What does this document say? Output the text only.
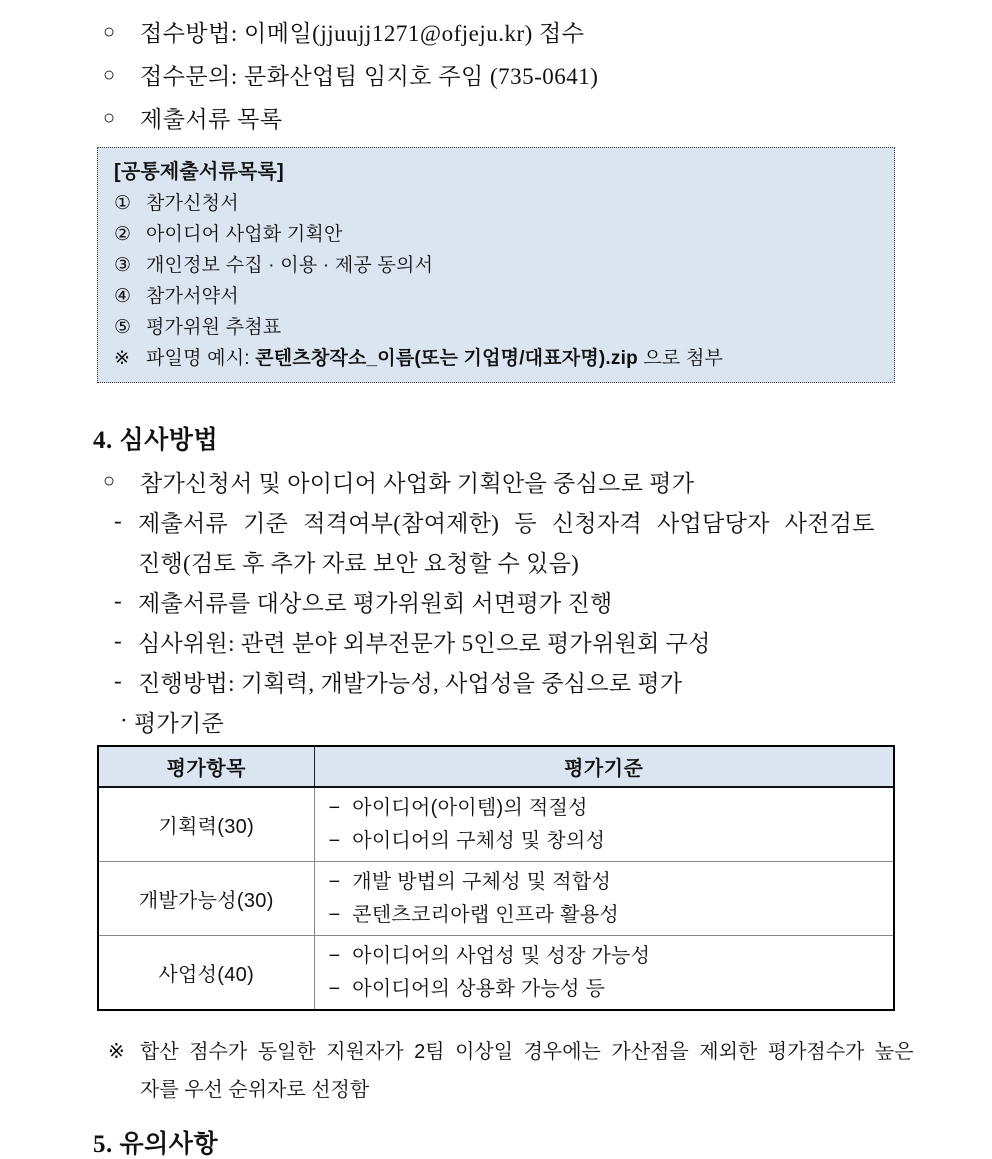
○	접수방법: 이메일(jjuujj1271@ofjeju.kr) 접수
○	접수문의: 문화산업팀 임지호 주임 (735-0641)
○	제출서류 목록
[공통제출서류목록]
① 참가신청서
② 아이디어 사업화 기획안
③ 개인정보 수집 · 이용 · 제공 동의서
④ 참가서약서
⑤ 평가위원 추첨표
※ 파일명 예시: 콘텐츠창작소_이름(또는 기업명/대표자명).zip 으로 첨부
4. 심사방법
○	참가신청서 및 아이디어 사업화 기획안을 중심으로 평가
- 제출서류 기준 적격여부(참여제한) 등 신청자격 사업담당자 사전검토
진행(검토 후 추가 자료 보안 요청할 수 있음)
- 제출서류를 대상으로 평가위원회 서면평가 진행
- 심사위원: 관련 분야 외부전문가 5인으로 평가위원회 구성
- 진행방법: 기획력, 개발가능성, 사업성을 중심으로 평가
· 평가기준
평가항목	평가기준
기획력(30)	−  아이디어(아이템)의 적절성
−  아이디어의 구체성 및 창의성

개발가능성(30)	−  개발 방법의 구체성 및 적합성
−  콘텐츠코리아랩 인프라 활용성

사업성(40)	−  아이디어의 사업성 및 성장 가능성
−  아이디어의 상용화 가능성 등
※ 합산 점수가 동일한 지원자가 2팀 이상일 경우에는 가산점을 제외한 평가점수가 높은
자를 우선 순위자로 선정함
5. 유의사항
